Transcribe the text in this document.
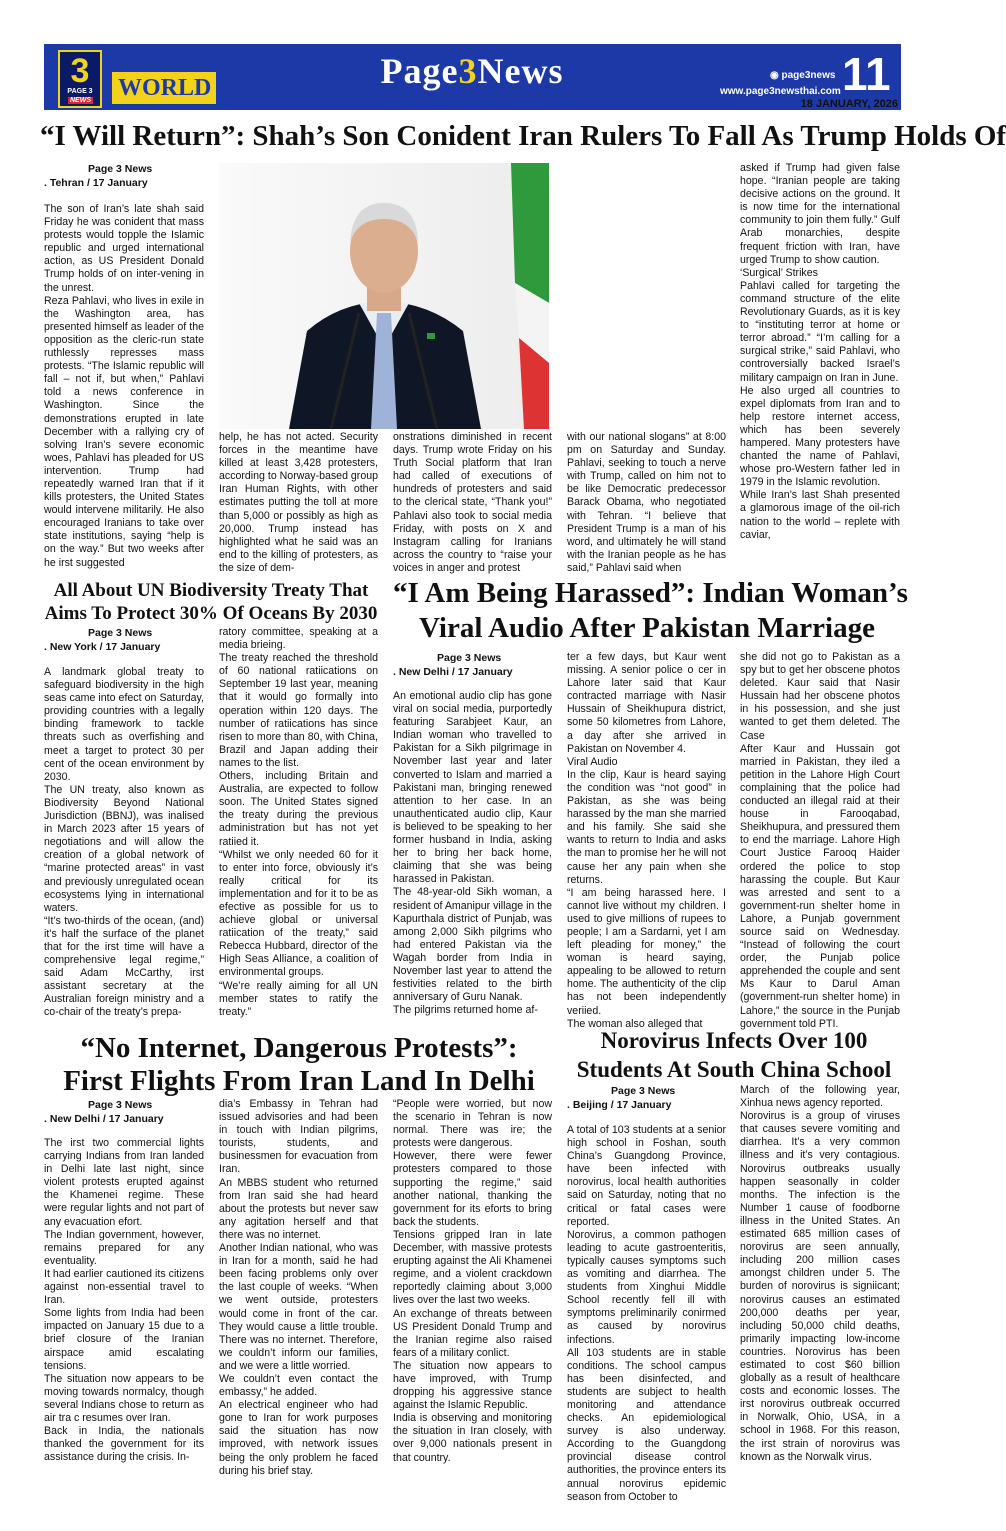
3
PAGE 3
NEWS WORLD	Page3News	◉ page3news
www.page3newsthai.com 11
18 JANUARY, 2026
“I Will Return”: Shah’s Son Conident Iran Rulers To Fall As Trump Holds Of
Page 3 News
. Tehran / 17 January
The son of Iran’s late shah said Friday he was conident that mass protests would topple the Islamic republic and urged international action, as US President Donald Trump holds of on inter-vening in the unrest.
Reza Pahlavi, who lives in exile in the Washington area, has presented himself as leader of the opposition as the cleric-run state ruthlessly represses mass protests. “The Islamic republic will fall – not if, but when,” Pahlavi told a news conference in Washington. Since the demonstrations erupted in late December with a rallying cry of solving Iran’s severe economic woes, Pahlavi has pleaded for US intervention. Trump had repeatedly warned Iran that if it kills protesters, the United States would intervene militarily. He also encouraged Iranians to take over state institutions, saying “help is on the way.” But two weeks after he irst suggested
help, he has not acted. Security forces in the meantime have killed at least 3,428 protesters, according to Norway-based group Iran Human Rights, with other estimates putting the toll at more than 5,000 or possibly as high as 20,000. Trump instead has highlighted what he said was an end to the killing of protesters, as the size of dem-
onstrations diminished in recent days. Trump wrote Friday on his Truth Social platform that Iran had called of executions of hundreds of protesters and said to the clerical state, “Thank you!” Pahlavi also took to social media Friday, with posts on X and Instagram calling for Iranians across the country to “raise your voices in anger and protest
with our national slogans” at 8:00 pm on Saturday and Sunday. Pahlavi, seeking to touch a nerve with Trump, called on him not to be like Democratic predecessor Barack Obama, who negotiated with Tehran. “I believe that President Trump is a man of his word, and ultimately he will stand with the Iranian people as he has said,” Pahlavi said when
asked if Trump had given false hope. “Iranian people are taking decisive actions on the ground. It is now time for the international community to join them fully.” Gulf Arab monarchies, despite frequent friction with Iran, have urged Trump to show caution.
‘Surgical’ Strikes
Pahlavi called for targeting the command structure of the elite Revolutionary Guards, as it is key to “instituting terror at home or terror abroad.” “I’m calling for a surgical strike,” said Pahlavi, who controversially backed Israel’s military campaign on Iran in June.
He also urged all countries to expel diplomats from Iran and to help restore internet access, which has been severely hampered. Many protesters have chanted the name of Pahlavi, whose pro-Western father led in 1979 in the Islamic revolution.
While Iran’s last Shah presented a glamorous image of the oil-rich nation to the world – replete with caviar,
All About UN Biodiversity Treaty That
Aims To Protect 30% Of Oceans By 2030
Page 3 News
. New York / 17 January
A landmark global treaty to safeguard biodiversity in the high seas came into efect on Saturday, providing countries with a legally binding framework to tackle threats such as overfishing and meet a target to protect 30 per cent of the ocean environment by 2030.
The UN treaty, also known as Biodiversity Beyond National Jurisdiction (BBNJ), was inalised in March 2023 after 15 years of negotiations and will allow the creation of a global network of “marine protected areas” in vast and previously unregulated ocean ecosystems lying in international waters.
“It’s two-thirds of the ocean, (and) it’s half the surface of the planet that for the irst time will have a comprehensive legal regime,” said Adam McCarthy, irst assistant secretary at the Australian foreign ministry and a co-chair of the treaty’s prepa-
ratory committee, speaking at a media brieing.
The treaty reached the threshold of 60 national ratiications on September 19 last year, meaning that it would go formally into operation within 120 days. The number of ratiications has since risen to more than 80, with China, Brazil and Japan adding their names to the list.
Others, including Britain and Australia, are expected to follow soon. The United States signed the treaty during the previous administration but has not yet ratiied it.
“Whilst we only needed 60 for it to enter into force, obviously it’s really critical for its implementation and for it to be as efective as possible for us to achieve global or universal ratiication of the treaty,” said Rebecca Hubbard, director of the High Seas Alliance, a coalition of environmental groups.
“We’re really aiming for all UN member states to ratify the treaty.”
“I Am Being Harassed”: Indian Woman’s
Viral Audio After Pakistan Marriage
Page 3 News
. New Delhi / 17 January
An emotional audio clip has gone viral on social media, purportedly featuring Sarabjeet Kaur, an Indian woman who travelled to Pakistan for a Sikh pilgrimage in November last year and later converted to Islam and married a Pakistani man, bringing renewed attention to her case. In an unauthenticated audio clip, Kaur is believed to be speaking to her former husband in India, asking her to bring her back home, claiming that she was being harassed in Pakistan.
The 48-year-old Sikh woman, a resident of Amanipur village in the Kapurthala district of Punjab, was among 2,000 Sikh pilgrims who had entered Pakistan via the Wagah border from India in November last year to attend the festivities related to the birth anniversary of Guru Nanak.
The pilgrims returned home af-
ter a few days, but Kaur went missing. A senior police o cer in Lahore later said that Kaur contracted marriage with Nasir Hussain of Sheikhupura district, some 50 kilometres from Lahore, a day after she arrived in Pakistan on November 4.
Viral Audio
In the clip, Kaur is heard saying the condition was “not good” in Pakistan, as she was being harassed by the man she married and his family. She said she wants to return to India and asks the man to promise her he will not cause her any pain when she returns.
“I am being harassed here. I cannot live without my children. I used to give millions of rupees to people; I am a Sardarni, yet I am left pleading for money,” the woman is heard saying, appealing to be allowed to return home. The authenticity of the clip has not been independently veriied.
The woman also alleged that
she did not go to Pakistan as a spy but to get her obscene photos deleted. Kaur said that Nasir Hussain had her obscene photos in his possession, and she just wanted to get them deleted. The Case
After Kaur and Hussain got married in Pakistan, they iled a petition in the Lahore High Court complaining that the police had conducted an illegal raid at their house in Farooqabad, Sheikhupura, and pressured them to end the marriage. Lahore High Court Justice Farooq Haider ordered the police to stop harassing the couple. But Kaur was arrested and sent to a government-run shelter home in Lahore, a Punjab government source said on Wednesday. “Instead of following the court order, the Punjab police apprehended the couple and sent Ms Kaur to Darul Aman (government-run shelter home) in Lahore,” the source in the Punjab government told PTI.
“No Internet, Dangerous Protests”:
First Flights From Iran Land In Delhi
Page 3 News
. New Delhi / 17 January
The irst two commercial lights carrying Indians from Iran landed in Delhi late last night, since violent protests erupted against the Khamenei regime. These were regular lights and not part of any evacuation efort.
The Indian government, however, remains prepared for any eventuality.
It had earlier cautioned its citizens against non-essential travel to Iran.
Some lights from India had been impacted on January 15 due to a brief closure of the Iranian airspace amid escalating tensions.
The situation now appears to be moving towards normalcy, though several Indians chose to return as air tra c resumes over Iran.
Back in India, the nationals thanked the government for its assistance during the crisis. In-
dia’s Embassy in Tehran had issued advisories and had been in touch with Indian pilgrims, tourists, students, and businessmen for evacuation from Iran.
An MBBS student who returned from Iran said she had heard about the protests but never saw any agitation herself and that there was no internet.
Another Indian national, who was in Iran for a month, said he had been facing problems only over the last couple of weeks. “When we went outside, protesters would come in front of the car. They would cause a little trouble. There was no internet. Therefore, we couldn’t inform our families, and we were a little worried.
We couldn’t even contact the embassy,” he added.
An electrical engineer who had gone to Iran for work purposes said the situation has now improved, with network issues being the only problem he faced during his brief stay.
“People were worried, but now the scenario in Tehran is now normal. There was ire; the protests were dangerous.
However, there were fewer protesters compared to those supporting the regime,” said another national, thanking the government for its eforts to bring back the students.
Tensions gripped Iran in late December, with massive protests erupting against the Ali Khamenei regime, and a violent crackdown reportedly claiming about 3,000 lives over the last two weeks.
An exchange of threats between US President Donald Trump and the Iranian regime also raised fears of a military conlict.
The situation now appears to have improved, with Trump dropping his aggressive stance against the Islamic Republic.
India is observing and monitoring the situation in Iran closely, with over 9,000 nationals present in that country.
Norovirus Infects Over 100
Students At South China School
Page 3 News
. Beijing / 17 January
A total of 103 students at a senior high school in Foshan, south China’s Guangdong Province, have been infected with norovirus, local health authorities said on Saturday, noting that no critical or fatal cases were reported.
Norovirus, a common pathogen leading to acute gastroenteritis, typically causes symptoms such as vomiting and diarrhea. The students from Xinghui Middle School recently fell ill with symptoms preliminarily conirmed as caused by norovirus infections.
All 103 students are in stable conditions. The school campus has been disinfected, and students are subject to health monitoring and attendance checks. An epidemiological survey is also underway. According to the Guangdong provincial disease control authorities, the province enters its annual norovirus epidemic season from October to
March of the following year, Xinhua news agency reported.
Norovirus is a group of viruses that causes severe vomiting and diarrhea. It’s a very common illness and it’s very contagious. Norovirus outbreaks usually happen seasonally in colder months. The infection is the Number 1 cause of foodborne illness in the United States. An estimated 685 million cases of norovirus are seen annually, including 200 million cases amongst children under 5. The burden of norovirus is signiicant; norovirus causes an estimated 200,000 deaths per year, including 50,000 child deaths, primarily impacting low-income countries. Norovirus has been estimated to cost $60 billion globally as a result of healthcare costs and economic losses. The irst norovirus outbreak occurred in Norwalk, Ohio, USA, in a school in 1968. For this reason, the irst strain of norovirus was known as the Norwalk virus.
